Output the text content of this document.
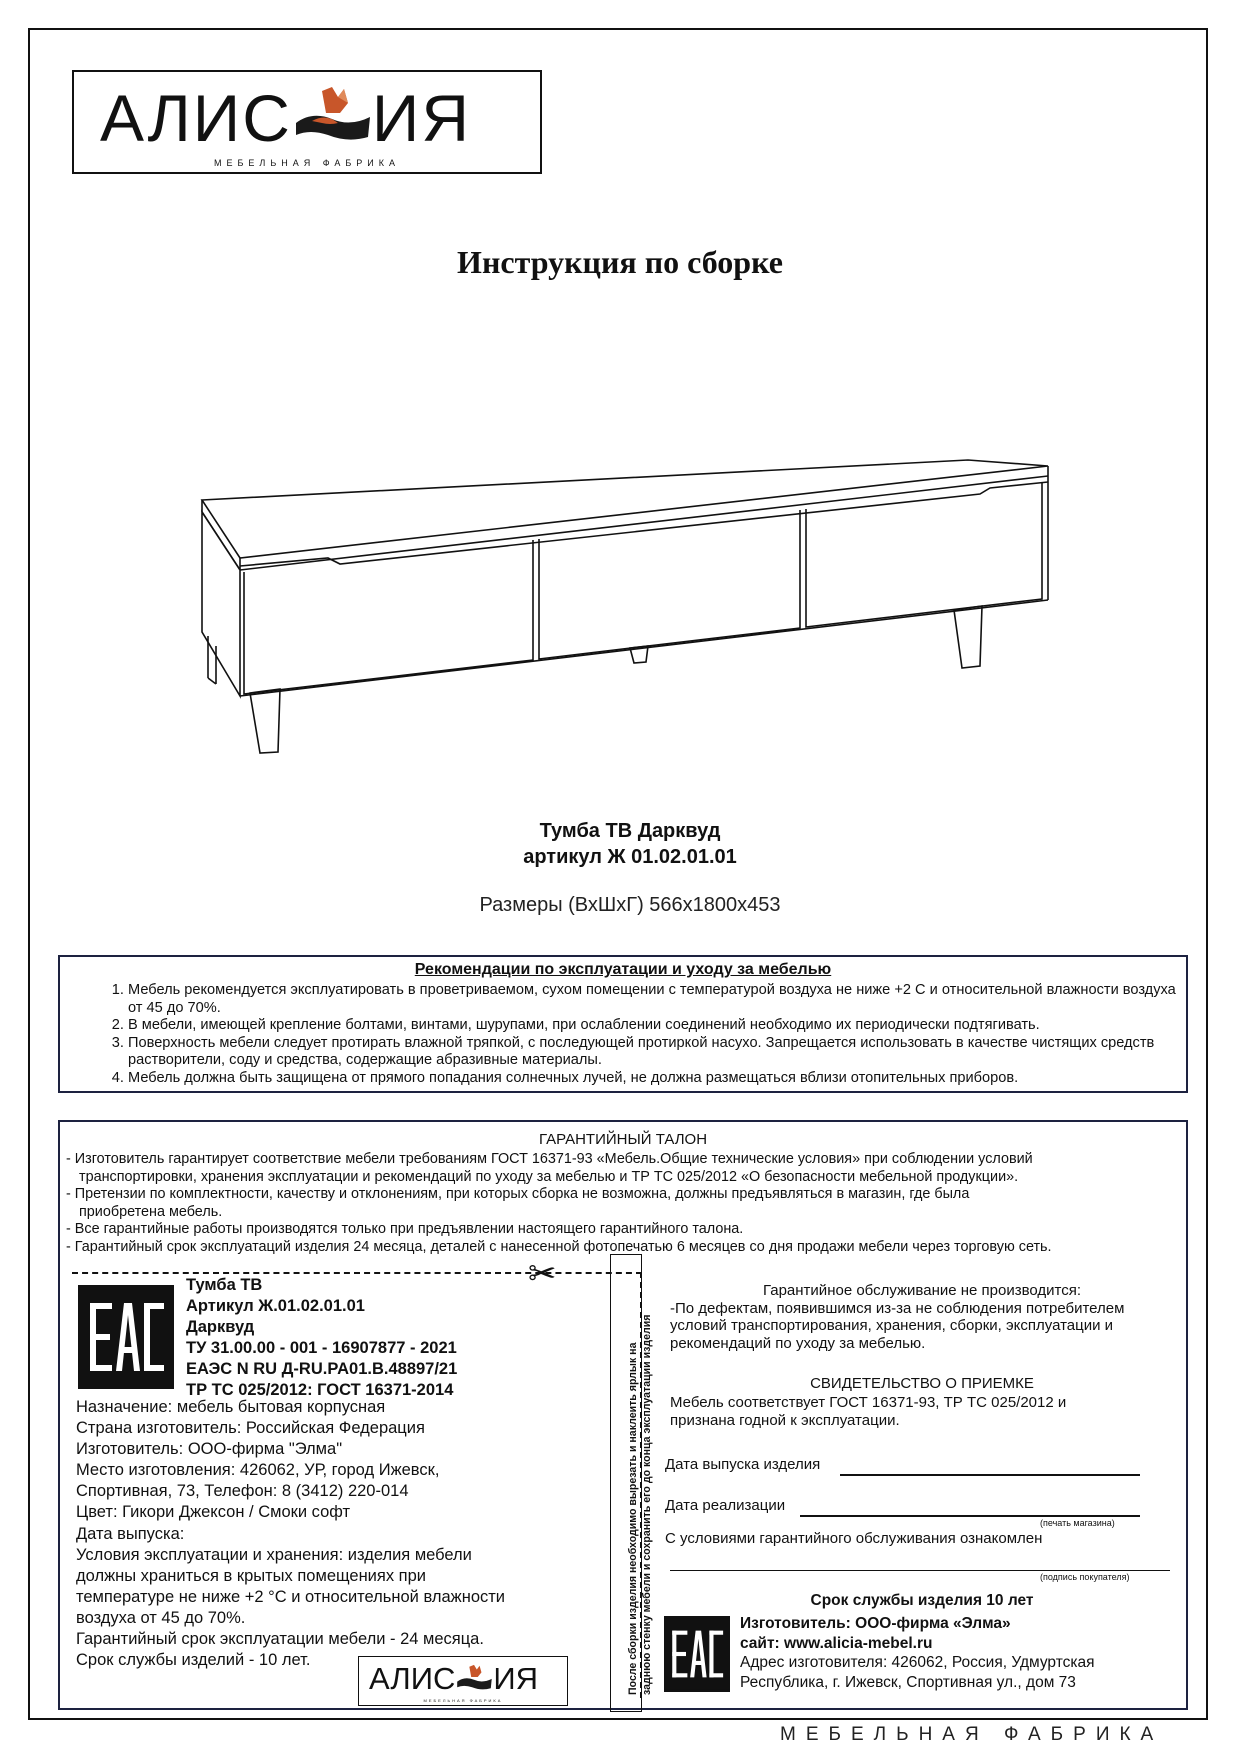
МЕБЕЛЬНАЯ ФАБРИКА
АЛИС ИЯ
МЕБЕЛЬНАЯ ФАБРИКА
Инструкция по сборке
Тумба ТВ Дарквуд
артикул Ж 01.02.01.01
Размеры (ВхШхГ) 566х1800х453
Рекомендации по эксплуатации и уходу за мебелью
1. Мебель рекомендуется эксплуатировать в проветриваемом, сухом помещении с температурой воздуха не ниже +2 С и относительной влажности воздуха от 45 до 70%.
2. В мебели, имеющей крепление болтами, винтами, шурупами, при ослаблении соединений необходимо их периодически подтягивать.
3. Поверхность мебели следует протирать влажной тряпкой, с последующей протиркой насухо. Запрещается использовать в качестве чистящих средств растворители, соду и средства, содержащие абразивные материалы.
4. Мебель должна быть защищена от прямого попадания солнечных лучей, не должна размещаться вблизи отопительных приборов.
ГАРАНТИЙНЫЙ ТАЛОН
- Изготовитель гарантирует соответствие мебели требованиям ГОСТ 16371-93 «Мебель.Общие технические условия» при соблюдении условий
транспортировки, хранения эксплуатации и рекомендаций по уходу за мебелью и ТР ТС 025/2012 «О безопасности мебельной продукции».
- Претензии по комплектности, качеству и отклонениям, при которых сборка не возможна, должны предъявляться в магазин, где была
приобретена мебель.
- Все гарантийные работы производятся только при предъявлении настоящего гарантийного талона.
- Гарантийный срок эксплуатаций изделия 24 месяца, деталей с нанесенной фотопечатью 6 месяцев со дня продажи мебели через торговую сеть.
✂
Тумба ТВ
Артикул Ж.01.02.01.01
Дарквуд
ТУ 31.00.00 - 001 - 16907877 - 2021
ЕАЭС N RU Д-RU.PA01.B.48897/21
ТР ТС 025/2012: ГОСТ 16371-2014
Назначение: мебель бытовая корпусная
Страна изготовитель: Российская Федерация
Изготовитель: ООО-фирма "Элма"
Место изготовления: 426062, УР, город Ижевск,
Спортивная, 73, Телефон: 8 (3412) 220-014
Цвет: Гикори Джексон / Смоки софт
Дата выпуска:
Условия эксплуатации и хранения: изделия мебели
должны храниться в крытых помещениях при
температуре не ниже +2 °С и относительной влажности
воздуха от 45 до 70%.
Гарантийный срок эксплуатации мебели - 24 месяца.
Срок службы изделий - 10 лет.
АЛИС ИЯ
МЕБЕЛЬНАЯ ФАБРИКА
После сборки изделия необходимо вырезать и наклеить ярлык на заднюю стенку мебели и сохранить его до конца эксплуатации изделия
Гарантийное обслуживание не производится:
-По дефектам, появившимся из-за не соблюдения потребителем
условий транспортирования, хранения, сборки, эксплуатации и
рекомендаций по уходу за мебелью.
СВИДЕТЕЛЬСТВО О ПРИЕМКЕ
Мебель соответствует ГОСТ 16371-93, ТР ТС 025/2012 и
признана годной к эксплуатации.
Дата выпуска изделия
Дата реализации
(печать магазина)
С условиями гарантийного обслуживания ознакомлен
(подпись покупателя)
Срок службы изделия 10 лет
Изготовитель: ООО-фирма «Элма»
сайт: www.alicia-mebel.ru
Адрес изготовителя: 426062, Россия, Удмуртская
Республика, г. Ижевск, Спортивная ул., дом 73
